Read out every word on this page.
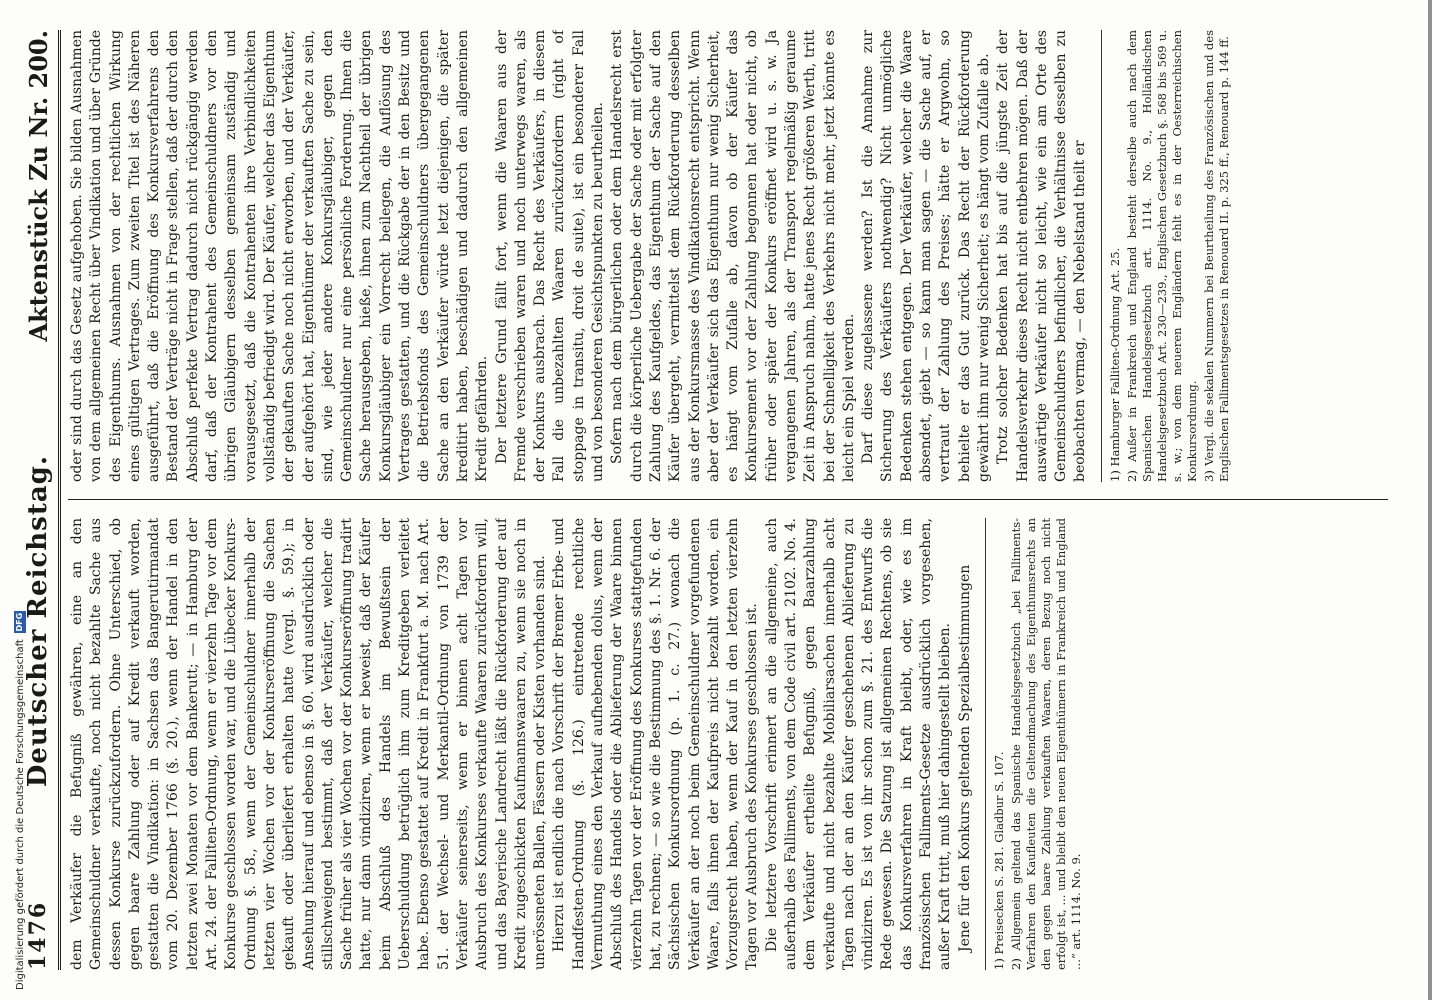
Digitalisierung gefördert durch die Deutsche Forschungsgemeinschaft
DFG
1476
Deutscher Reichstag.
Aktenstück Zu Nr. 200.

dem Verkäufer die Befugniß gewähren, eine an den Gemeinschuldner verkaufte, noch nicht bezahlte Sache aus dessen Konkurse zurückzufordern. Ohne Unterschied, ob gegen baare Zahlung oder auf Kredit verkauft worden, gestatten die Vindikation: in Sachsen das Bangerutirmandat vom 20. Dezember 1766 (§. 20.), wenn der Handel in den letzten zwei Monaten vor dem Bankerutt; — in Hamburg der Art. 24. der Falliten-Ordnung, wenn er vierzehn Tage vor dem Konkurse geschlossen worden war, und die Lübecker Konkurs-Ordnung §. 58., wenn der Gemeinschuldner innerhalb der letzten vier Wochen vor der Konkurseröffnung die Sachen gekauft oder überliefert erhalten hatte (vergl. §. 59.); in Ansehung hierauf und ebenso in §. 60. wird ausdrücklich oder stillschweigend bestimmt, daß der Verkäufer, welcher die Sache früher als vier Wochen vor der Konkurseröffnung tradirt hatte, nur dann vindiziren, wenn er beweist, daß der Käufer beim Abschluß des Handels im Bewußtsein der Ueberschuldung betrüglich ihm zum Kreditgeben verleitet habe. Ebenso gestattet auf Kredit in Frankfurt a. M. nach Art. 51. der Wechsel- und Merkantil-Ordnung von 1739 der Verkäufer seinerseits, wenn er binnen acht Tagen vor Ausbruch des Konkurses verkaufte Waaren zurückfordern will, und das Bayerische Landrecht läßt die Rückforderung der auf Kredit zugeschickten Kaufmannswaaren zu, wenn sie noch in unerössneten Ballen, Fässern oder Kisten vorhanden sind. Hierzu ist endlich die nach Vorschrift der Bremer Erbe- und Handfesten-Ordnung (§. 126.) eintretende rechtliche Vermuthung eines den Verkauf aufhebenden dolus, wenn der Abschluß des Handels oder die Ablieferung der Waare binnen vierzehn Tagen vor der Eröffnung des Konkurses stattgefunden hat, zu rechnen; — so wie die Bestimmung des §. 1. Nr. 6. der Sächsischen Konkursordnung (p. 1. c. 27.) wonach die Verkäufer an der noch beim Gemeinschuldner vorgefundenen Waare, falls ihnen der Kaufpreis nicht bezahlt worden, ein Vorzugsrecht haben, wenn der Kauf in den letzten vierzehn Tagen vor Ausbruch des Konkurses geschlossen ist. Die letztere Vorschrift erinnert an die allgemeine, auch außerhalb des Falliments, von dem Code civil art. 2102. No. 4. dem Verkäufer ertheilte Befugniß, gegen Baarzahlung verkaufte und nicht bezahlte Mobiliarsachen innerhalb acht Tagen nach der an den Käufer geschehenen Ablieferung zu vindiziren. Es ist von ihr schon zum §. 21. des Entwurfs die Rede gewesen. Die Satzung ist allgemeinen Rechtens, ob sie das Konkursverfahren in Kraft bleibt, oder, wie es im französischen Falliments-Gesetze ausdrücklich vorgesehen, außer Kraft tritt, muß hier dahingestellt bleiben. Jene für den Konkurs geltenden Spezialbestimmungen 1) Preisecken S. 281. Gladbur S. 107. 2) Allgemein geltend das Spanische Handelsgesetzbuch „bei Falliments-Verfahren den Kaufleuten die Geltendmachung des Eigenthumsrechts an den gegen baare Zahlung verkauften Waaren, deren Bezug noch nicht erfolgt ist, ... und bleibt den neuen Eigenthümern in Frankreich und England ...“ art. 1114. No. 9.

oder sind durch das Gesetz aufgehoben. Sie bilden Ausnahmen von dem allgemeinen Recht über Vindikation und über Gründe des Eigenthums. Ausnahmen von der rechtlichen Wirkung eines gültigen Vertrages. Zum zweiten Titel ist des Näheren ausgeführt, daß die Eröffnung des Konkursverfahrens den Bestand der Verträge nicht in Frage stellen, daß der durch den Abschluß perfekte Vertrag dadurch nicht rückgängig werden darf, daß der Kontrahent des Gemeinschuldners vor den übrigen Gläubigern desselben gemeinsam zuständig und vorausgesetzt, daß die Kontrahenten ihre Verbindlichkeiten vollständig befriedigt wird. Der Käufer, welcher das Eigenthum der gekauften Sache noch nicht erworben, und der Verkäufer, der aufgehört hat, Eigenthümer der verkauften Sache zu sein, sind, wie jeder andere Konkursgläubiger, gegen den Gemeinschuldner nur eine persönliche Forderung. Ihnen die Sache herausgeben, hieße, ihnen zum Nachtheil der übrigen Konkursgläubiger ein Vorrecht beilegen, die Auflösung des Vertrages gestatten, und die Rückgabe der in den Besitz und die Betriebsfonds des Gemeinschuldners übergegangenen Sache an den Verkäufer würde letzt diejenigen, die später kreditirt haben, beschädigen und dadurch den allgemeinen Kredit gefährden. Der letztere Grund fällt fort, wenn die Waaren aus der Fremde verschrieben waren und noch unterwegs waren, als der Konkurs ausbrach. Das Recht des Verkäufers, in diesem Fall die unbezahlten Waaren zurückzufordern (right of stoppage in transitu, droit de suite), ist ein besonderer Fall und von besonderen Gesichtspunkten zu beurtheilen. Sofern nach dem bürgerlichen oder dem Handelsrecht erst durch die körperliche Uebergabe der Sache oder mit erfolgter Zahlung des Kaufgeldes, das Eigenthum der Sache auf den Käufer übergeht, vermittelst dem Rückforderung desselben aus der Konkursmasse des Vindikationsrecht entspricht. Wenn aber der Verkäufer sich das Eigenthum nur wenig Sicherheit, es hängt vom Zufalle ab, davon ob der Käufer das Konkursement vor der Zahlung begonnen hat oder nicht, ob früher oder später der Konkurs eröffnet wird u. s. w. Ja vergangenen Jahren, als der Transport regelmäßig geraume Zeit in Anspruch nahm, hatte jenes Recht größeren Werth, tritt bei der Schnelligkeit des Verkehrs nicht mehr, jetzt könnte es leicht ein Spiel werden. Darf diese zugelassene werden? Ist die Annahme zur Sicherung des Verkäufers nothwendig? Nicht unmögliche Bedenken stehen entgegen. Der Verkäufer, welcher die Waare absendet, giebt — so kann man sagen — die Sache auf, er vertraut der Zahlung des Preises; hätte er Argwohn, so behielte er das Gut zurück. Das Recht der Rückforderung gewährt ihm nur wenig Sicherheit; es hängt vom Zufalle ab. Trotz solcher Bedenken hat bis auf die jüngste Zeit der Handelsverkehr dieses Recht nicht entbehren mögen. Daß der auswärtige Verkäufer nicht so leicht, wie ein am Orte des Gemeinschuldners befindlicher, die Verhältnisse desselben zu beobachten vermag, — den Nebelstand theilt er 1) Hamburger Falliten-Ordnung Art. 25. 2) Außer in Frankreich und England besteht derselbe auch nach dem Spanischen Handelsgesetzbuch art. 1114. No. 9., Holländischen Handelsgesetzbuch Art. 230—239., Englischen Gesetzbuch §. 568 bis 569 u. s. w.; von dem neueren Engländern fehlt es in der Oesterreichischen Konkursordnung. 3) Vergl. die sekalen Nummern bei Beurtheilung des Französischen und des Englischen Fallimentsgesetzes in Renouard II. p. 325 ff., Renouard p. 144 ff.
